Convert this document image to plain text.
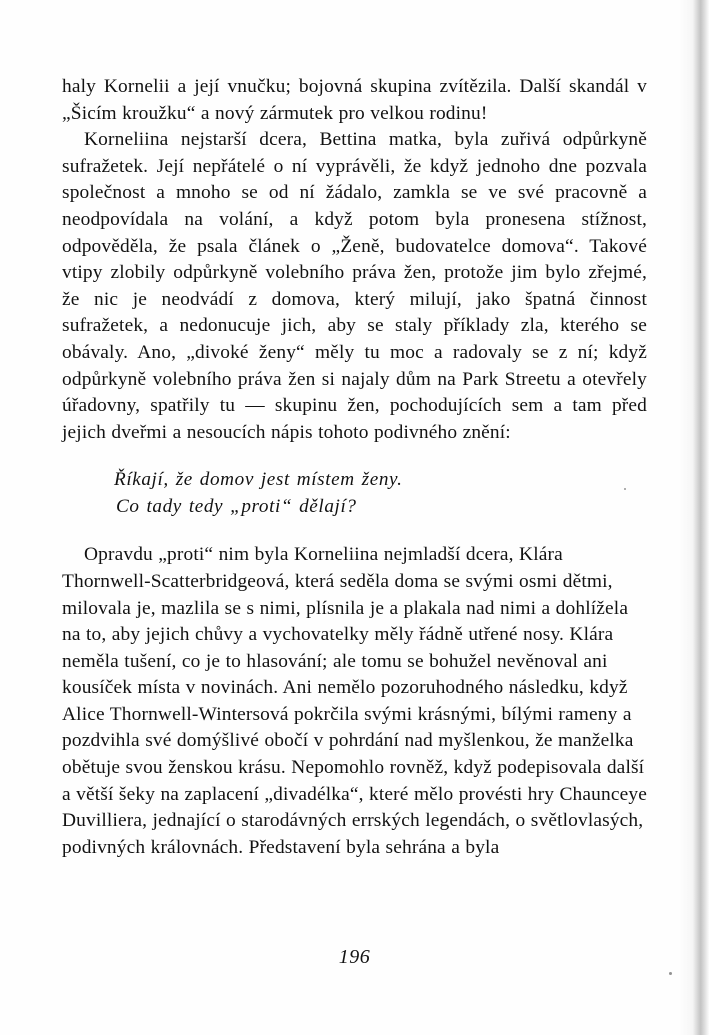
haly Kornelii a její vnučku; bojovná skupina zvítězila. Další skandál v „Šicím kroužku“ a nový zármutek pro velkou rodinu!

Korneliina nejstarší dcera, Bettina matka, byla zuřivá odpůrkyně sufražetek. Její nepřátelé o ní vyprávěli, že když jednoho dne pozvala společnost a mnoho se od ní žádalo, zamkla se ve své pracovně a neodpovídala na volání, a když potom byla pronesena stížnost, odpověděla, že psala článek o „Ženě, budovatelce domova“. Takové vtipy zlobily odpůrkyně volebního práva žen, protože jim bylo zřejmé, že nic je neodvádí z domova, který milují, jako špatná činnost sufražetek, a nedonucuje jich, aby se staly příklady zla, kterého se obávaly. Ano, „divoké ženy“ měly tu moc a radovaly se z ní; když odpůrkyně volebního práva žen si najaly dům na Park Streetu a otevřely úřadovny, spatřily tu — skupinu žen, pochodujících sem a tam před jejich dveřmi a nesoucích nápis tohoto podivného znění:

Říkají, že domov jest místem ženy.
Co tady tedy „proti“ dělají?

Opravdu „proti“ nim byla Korneliina nejmladší dcera, Klára Thornwell-Scatterbridgeová, která seděla doma se svými osmi dětmi, milovala je, mazlila se s nimi, plísnila je a plakala nad nimi a dohlížela na to, aby jejich chůvy a vychovatelky měly řádně utřené nosy. Klára neměla tušení, co je to hlasování; ale tomu se bohužel nevěnoval ani kousíček místa v novinách. Ani nemělo pozoruhodného následku, když Alice Thornwell-Wintersová pokrčila svými krásnými, bílými rameny a pozdvihla své domýšlivé obočí v pohrdání nad myšlenkou, že manželka obětuje svou ženskou krásu. Nepomohlo rovněž, když podepisovala další a větší šeky na zaplacení „divadélka“, které mělo provésti hry Chaunceye Duvilliera, jednající o starodávných errských legendách, o světlovlasých, podivných královnách. Představení byla sehrána a byla

196
